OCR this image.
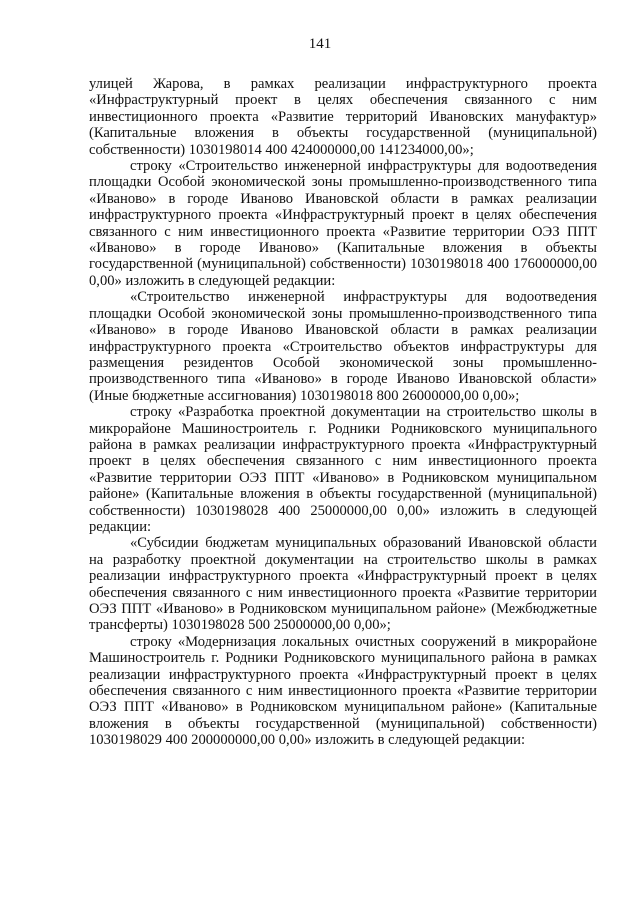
141

улицей Жарова, в рамках реализации инфраструктурного проекта «Инфраструктурный проект в целях обеспечения связанного с ним инвестиционного проекта «Развитие территорий Ивановских мануфактур» (Капитальные вложения в объекты государственной (муниципальной) собственности) 1030198014 400 424000000,00 141234000,00»;

строку «Строительство инженерной инфраструктуры для водоотведения площадки Особой экономической зоны промышленно-производственного типа «Иваново» в городе Иваново Ивановской области в рамках реализации инфраструктурного проекта «Инфраструктурный проект в целях обеспечения связанного с ним инвестиционного проекта «Развитие территории ОЭЗ ППТ «Иваново» в городе Иваново» (Капитальные вложения в объекты государственной (муниципальной) собственности) 1030198018 400 176000000,00 0,00» изложить в следующей редакции:

«Строительство инженерной инфраструктуры для водоотведения площадки Особой экономической зоны промышленно-производственного типа «Иваново» в городе Иваново Ивановской области в рамках реализации инфраструктурного проекта «Строительство объектов инфраструктуры для размещения резидентов Особой экономической зоны промышленно-производственного типа «Иваново» в городе Иваново Ивановской области» (Иные бюджетные ассигнования) 1030198018 800 26000000,00 0,00»;

строку «Разработка проектной документации на строительство школы в микрорайоне Машиностроитель г. Родники Родниковского муниципального района в рамках реализации инфраструктурного проекта «Инфраструктурный проект в целях обеспечения связанного с ним инвестиционного проекта «Развитие территории ОЭЗ ППТ «Иваново» в Родниковском муниципальном районе» (Капитальные вложения в объекты государственной (муниципальной) собственности) 1030198028 400 25000000,00 0,00» изложить в следующей редакции:

«Субсидии бюджетам муниципальных образований Ивановской области на разработку проектной документации на строительство школы в рамках реализации инфраструктурного проекта «Инфраструктурный проект в целях обеспечения связанного с ним инвестиционного проекта «Развитие территории ОЭЗ ППТ «Иваново» в Родниковском муниципальном районе» (Межбюджетные трансферты) 1030198028 500 25000000,00 0,00»;

строку «Модернизация локальных очистных сооружений в микрорайоне Машиностроитель г. Родники Родниковского муниципального района в рамках реализации инфраструктурного проекта «Инфраструктурный проект в целях обеспечения связанного с ним инвестиционного проекта «Развитие территории ОЭЗ ППТ «Иваново» в Родниковском муниципальном районе» (Капитальные вложения в объекты государственной (муниципальной) собственности) 1030198029 400 200000000,00 0,00» изложить в следующей редакции:
